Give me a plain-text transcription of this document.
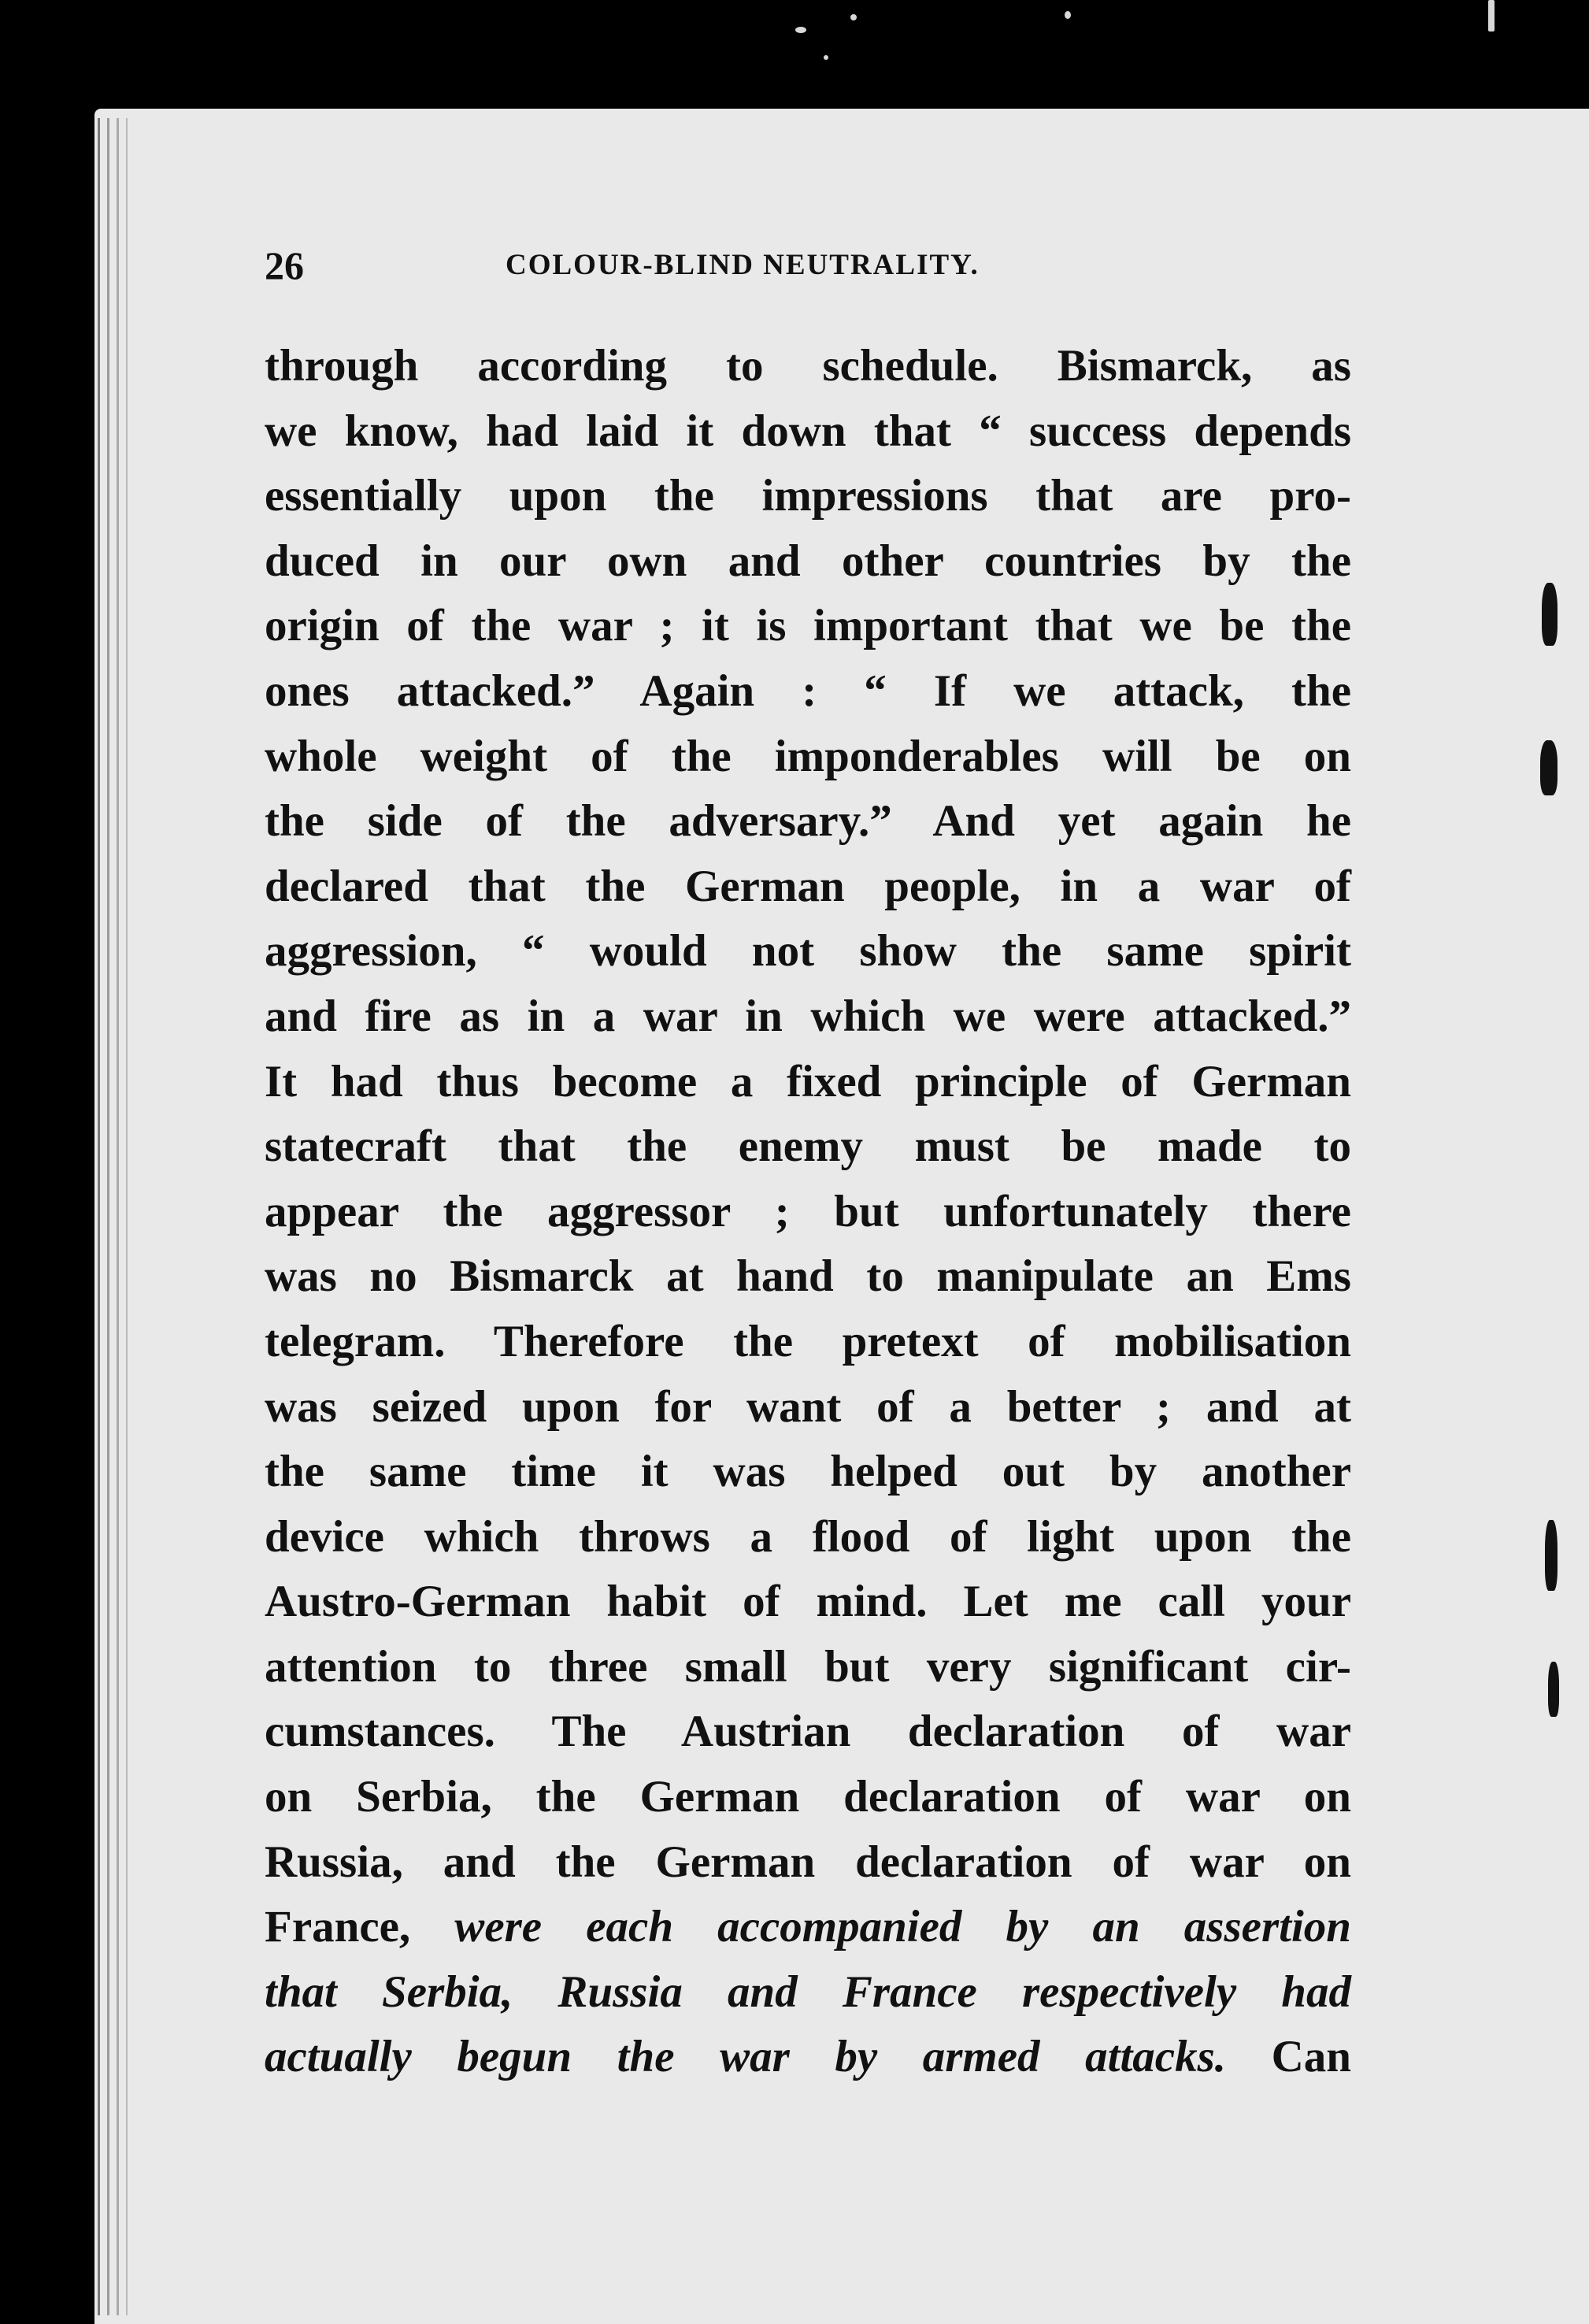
26	COLOUR-BLIND NEUTRALITY.
through according to schedule. Bismarck, as
we know, had laid it down that “ success depends
essentially upon the impressions that are pro-
duced in our own and other countries by the
origin of the war ; it is important that we be the
ones attacked.” Again : “ If we attack, the
whole weight of the imponderables will be on
the side of the adversary.” And yet again he
declared that the German people, in a war of
aggression, “ would not show the same spirit
and fire as in a war in which we were attacked.”
It had thus become a fixed principle of German
statecraft that the enemy must be made to
appear the aggressor ; but unfortunately there
was no Bismarck at hand to manipulate an Ems
telegram. Therefore the pretext of mobilisation
was seized upon for want of a better ; and at
the same time it was helped out by another
device which throws a flood of light upon the
Austro-German habit of mind. Let me call your
attention to three small but very significant cir-
cumstances. The Austrian declaration of war
on Serbia, the German declaration of war on
Russia, and the German declaration of war on
France, were each accompanied by an assertion
that Serbia, Russia and France respectively had
actually begun the war by armed attacks. Can
